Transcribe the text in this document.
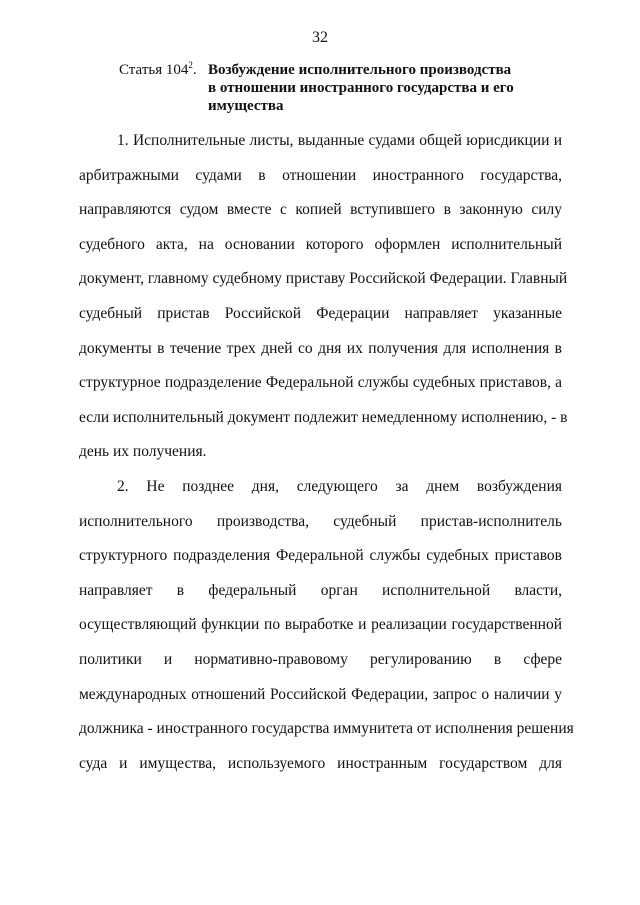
32
Статья $104^2$. Возбуждение исполнительного производства
в отношении иностранного государства и его
имущества
1. Исполнительные листы, выданные судами общей юрисдикции и
арбитражными судами в отношении иностранного государства,
направляются судом вместе с копией вступившего в законную силу
судебного акта, на основании которого оформлен исполнительный
документ, главному судебному приставу Российской Федерации. Главный
судебный пристав Российской Федерации направляет указанные
документы в течение трех дней со дня их получения для исполнения в
структурное подразделение Федеральной службы судебных приставов, а
если исполнительный документ подлежит немедленному исполнению, - в
день их получения.
2. Не позднее дня, следующего за днем возбуждения
исполнительного производства, судебный пристав-исполнитель
структурного подразделения Федеральной службы судебных приставов
направляет в федеральный орган исполнительной власти,
осуществляющий функции по выработке и реализации государственной
политики и нормативно-правовому регулированию в сфере
международных отношений Российской Федерации, запрос о наличии у
должника - иностранного государства иммунитета от исполнения решения
суда и имущества, используемого иностранным государством для
